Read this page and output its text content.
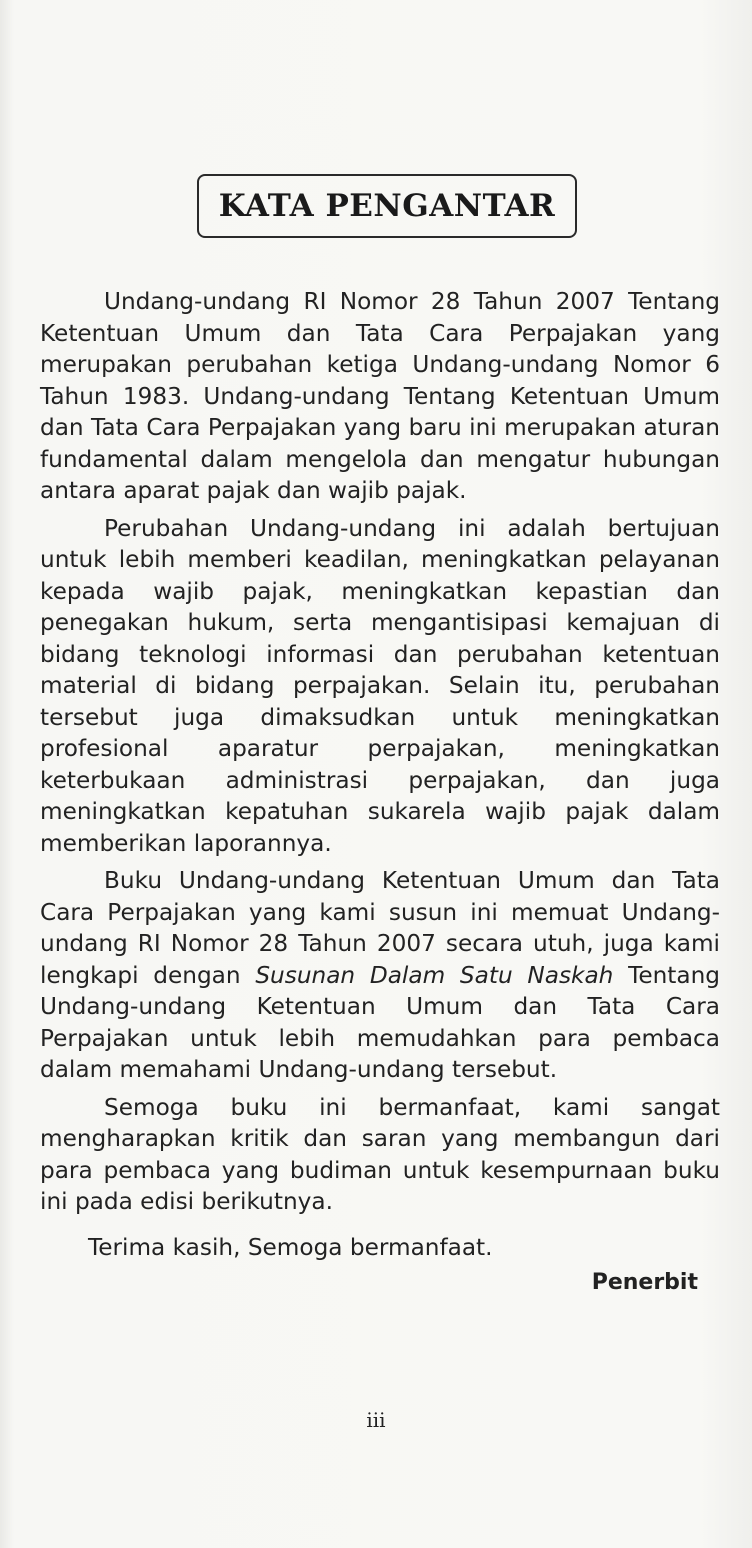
KATA PENGANTAR

Undang-undang RI Nomor 28 Tahun 2007 Tentang Ketentuan Umum dan Tata Cara Perpajakan yang merupakan perubahan ketiga Undang-undang Nomor 6 Tahun 1983. Undang-undang Tentang Ketentuan Umum dan Tata Cara Perpajakan yang baru ini merupakan aturan fundamental dalam mengelola dan mengatur hubungan antara aparat pajak dan wajib pajak.

Perubahan Undang-undang ini adalah bertujuan untuk lebih memberi keadilan, meningkatkan pelayanan kepada wajib pajak, meningkatkan kepastian dan penegakan hukum, serta mengantisipasi kemajuan di bidang teknologi informasi dan perubahan ketentuan material di bidang perpajakan. Selain itu, perubahan tersebut juga dimaksudkan untuk meningkatkan profesional aparatur perpajakan, meningkatkan keterbukaan administrasi perpajakan, dan juga meningkatkan kepatuhan sukarela wajib pajak dalam memberikan laporannya.

Buku Undang-undang Ketentuan Umum dan Tata Cara Perpajakan yang kami susun ini memuat Undang-undang RI Nomor 28 Tahun 2007 secara utuh, juga kami lengkapi dengan Susunan Dalam Satu Naskah Tentang Undang-undang Ketentuan Umum dan Tata Cara Perpajakan untuk lebih memudahkan para pembaca dalam memahami Undang-undang tersebut.

Semoga buku ini bermanfaat, kami sangat mengharapkan kritik dan saran yang membangun dari para pembaca yang budiman untuk kesempurnaan buku ini pada edisi berikutnya.

Terima kasih, Semoga bermanfaat.

Penerbit
iii
